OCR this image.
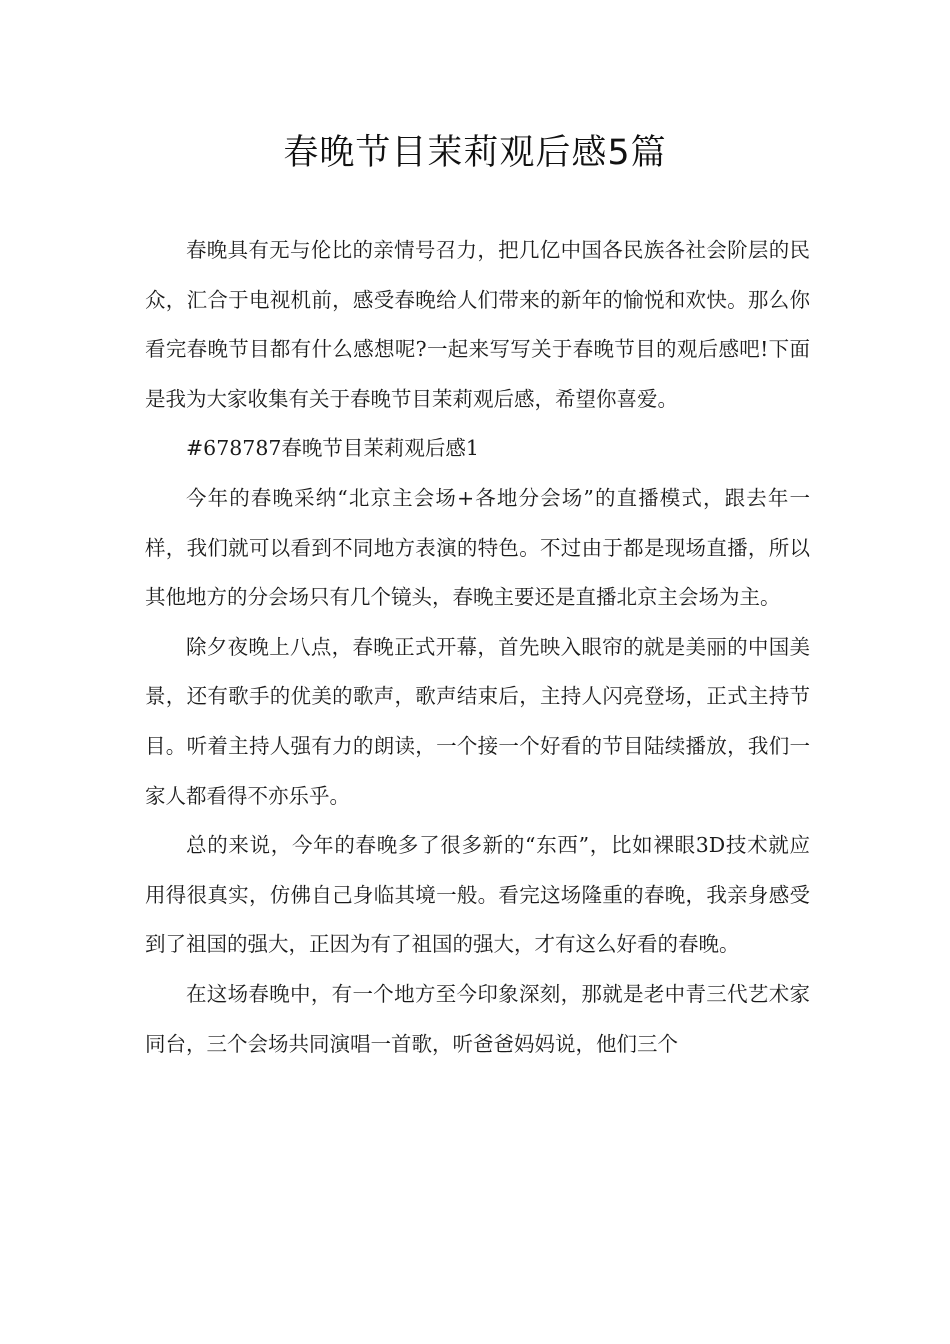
春晚节目茉莉观后感5篇

春晚具有无与伦比的亲情号召力，把几亿中国各民族各社会阶层的民众，汇合于电视机前，感受春晚给人们带来的新年的愉悦和欢快。那么你看完春晚节目都有什么感想呢?一起来写写关于春晚节目的观后感吧!下面是我为大家收集有关于春晚节目茉莉观后感，希望你喜爱。

#678787春晚节目茉莉观后感1

今年的春晚采纳“北京主会场+各地分会场”的直播模式，跟去年一样，我们就可以看到不同地方表演的特色。不过由于都是现场直播，所以其他地方的分会场只有几个镜头，春晚主要还是直播北京主会场为主。

除夕夜晚上八点，春晚正式开幕，首先映入眼帘的就是美丽的中国美景，还有歌手的优美的歌声，歌声结束后，主持人闪亮登场，正式主持节目。听着主持人强有力的朗读，一个接一个好看的节目陆续播放，我们一家人都看得不亦乐乎。

总的来说，今年的春晚多了很多新的“东西”，比如裸眼3D技术就应用得很真实，仿佛自己身临其境一般。看完这场隆重的春晚，我亲身感受到了祖国的强大，正因为有了祖国的强大，才有这么好看的春晚。

在这场春晚中，有一个地方至今印象深刻，那就是老中青三代艺术家同台，三个会场共同演唱一首歌，听爸爸妈妈说，他们三个
